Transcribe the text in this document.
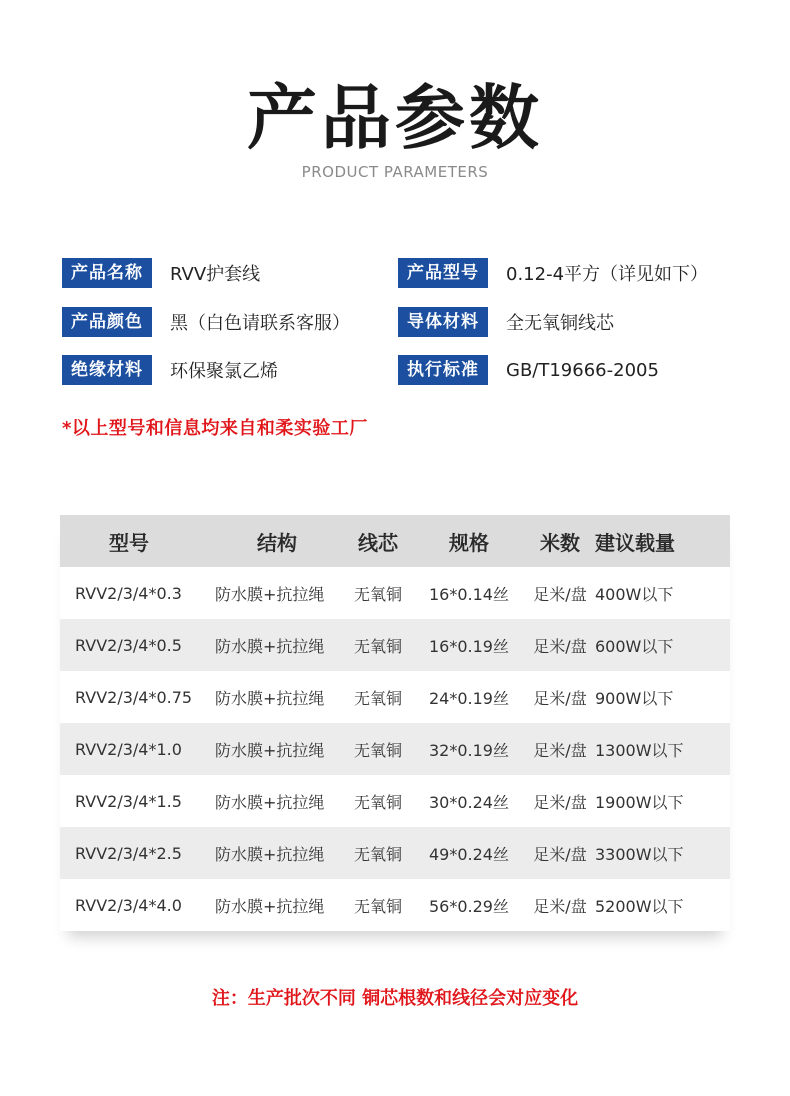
产品参数
PRODUCT PARAMETERS
产品名称	RVV护套线	产品型号	0.12-4平方（详见如下）
产品颜色	黑（白色请联系客服）	导体材料	全无氧铜线芯
绝缘材料	环保聚氯乙烯	执行标准	GB/T19666-2005
*以上型号和信息均来自和柔实验工厂
型号	结构	线芯	规格	米数 建议载量
RVV2/3/4*0.3	防水膜+抗拉绳	无氧铜	16*0.14丝	足米/盘 400W以下
RVV2/3/4*0.5	防水膜+抗拉绳	无氧铜	16*0.19丝	足米/盘 600W以下
RVV2/3/4*0.75	防水膜+抗拉绳	无氧铜	24*0.19丝	足米/盘 900W以下
RVV2/3/4*1.0	防水膜+抗拉绳	无氧铜	32*0.19丝	足米/盘 1300W以下
RVV2/3/4*1.5	防水膜+抗拉绳	无氧铜	30*0.24丝	足米/盘 1900W以下
RVV2/3/4*2.5	防水膜+抗拉绳	无氧铜	49*0.24丝	足米/盘 3300W以下
RVV2/3/4*4.0	防水膜+抗拉绳	无氧铜	56*0.29丝	足米/盘 5200W以下
注：生产批次不同 铜芯根数和线径会对应变化
